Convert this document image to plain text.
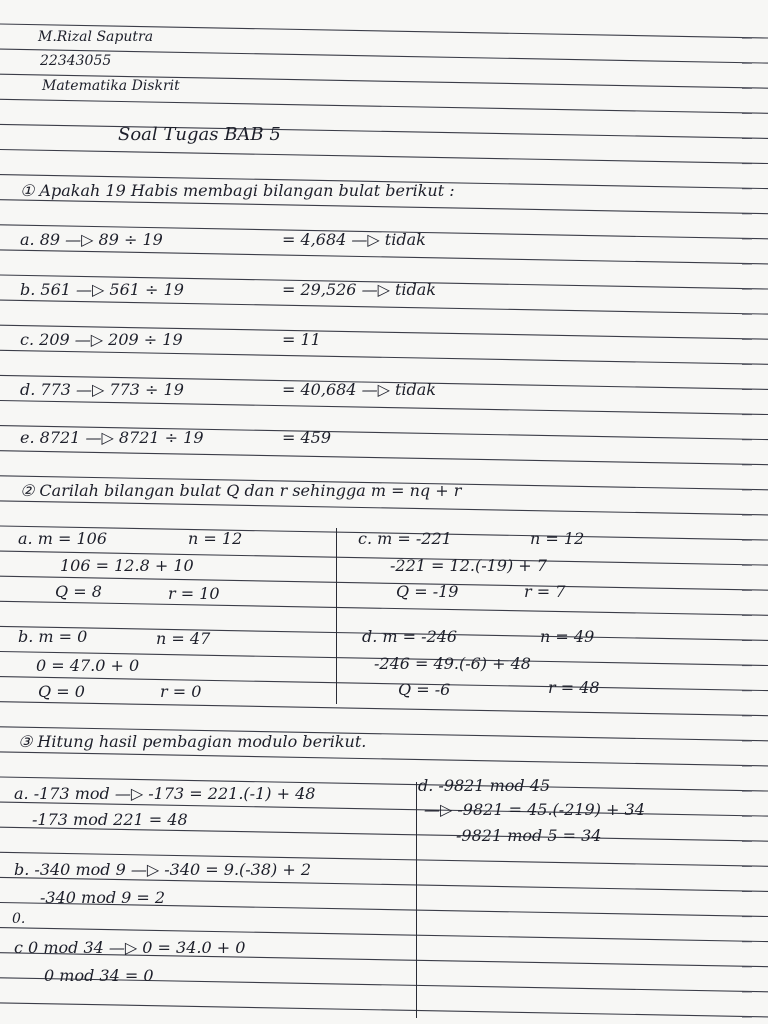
M.Rizal Saputra
22343055
Matematika Diskrit
Soal Tugas BAB 5
① Apakah 19 Habis membagi bilangan bulat berikut :
a. 89 —▷ 89 ÷ 19	= 4,684 —▷ tidak
b. 561 —▷ 561 ÷ 19	= 29,526 —▷ tidak
c. 209 —▷ 209 ÷ 19	= 11
d. 773 —▷ 773 ÷ 19	= 40,684 —▷ tidak
e. 8721 —▷ 8721 ÷ 19	= 459
② Carilah bilangan bulat Q dan r sehingga m = nq + r
a. m = 106	n = 12
106 = 12.8 + 10
Q = 8	r = 10
b. m = 0	n = 47
0 = 47.0 + 0
Q = 0	r = 0
c. m = -221	n = 12
-221 = 12.(-19) + 7
Q = -19	r = 7
d. m = -246	n = 49
-246 = 49.(-6) + 48
Q = -6	r = 48
③ Hitung hasil pembagian modulo berikut.
a. -173 mod —▷ -173 = 221.(-1) + 48
-173 mod 221 = 48
b. -340 mod 9 —▷ -340 = 9.(-38) + 2
-340 mod 9 = 2
0.
c 0 mod 34 —▷ 0 = 34.0 + 0
0 mod 34 = 0
d. -9821 mod 45
—▷ -9821 = 45.(-219) + 34
-9821 mod 5 = 34
